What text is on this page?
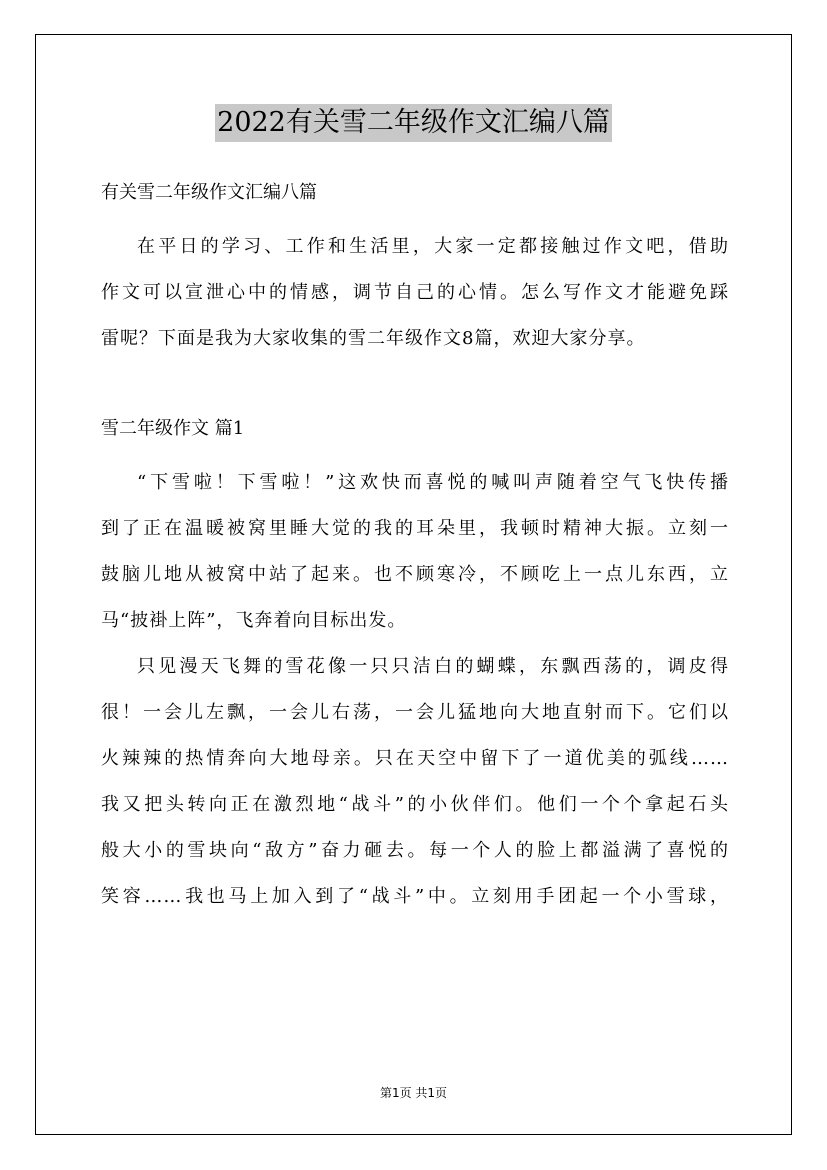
2022有关雪二年级作文汇编八篇
有关雪二年级作文汇编八篇
在平日的学习、工作和生活里，大家一定都接触过作文吧，借助
作文可以宣泄心中的情感，调节自己的心情。怎么写作文才能避免踩
雷呢？下面是我为大家收集的雪二年级作文8篇，欢迎大家分享。
雪二年级作文 篇1
“下雪啦！下雪啦！”这欢快而喜悦的喊叫声随着空气飞快传播
到了正在温暖被窝里睡大觉的我的耳朵里，我顿时精神大振。立刻一
鼓脑儿地从被窝中站了起来。也不顾寒冷，不顾吃上一点儿东西，立
马“披褂上阵”，飞奔着向目标出发。
只见漫天飞舞的雪花像一只只洁白的蝴蝶，东飘西荡的，调皮得
很！一会儿左飘，一会儿右荡，一会儿猛地向大地直射而下。它们以
火辣辣的热情奔向大地母亲。只在天空中留下了一道优美的弧线……
我又把头转向正在激烈地“战斗”的小伙伴们。他们一个个拿起石头
般大小的雪块向“敌方”奋力砸去。每一个人的脸上都溢满了喜悦的
笑容……我也马上加入到了“战斗”中。立刻用手团起一个小雪球，
第1页 共1页
